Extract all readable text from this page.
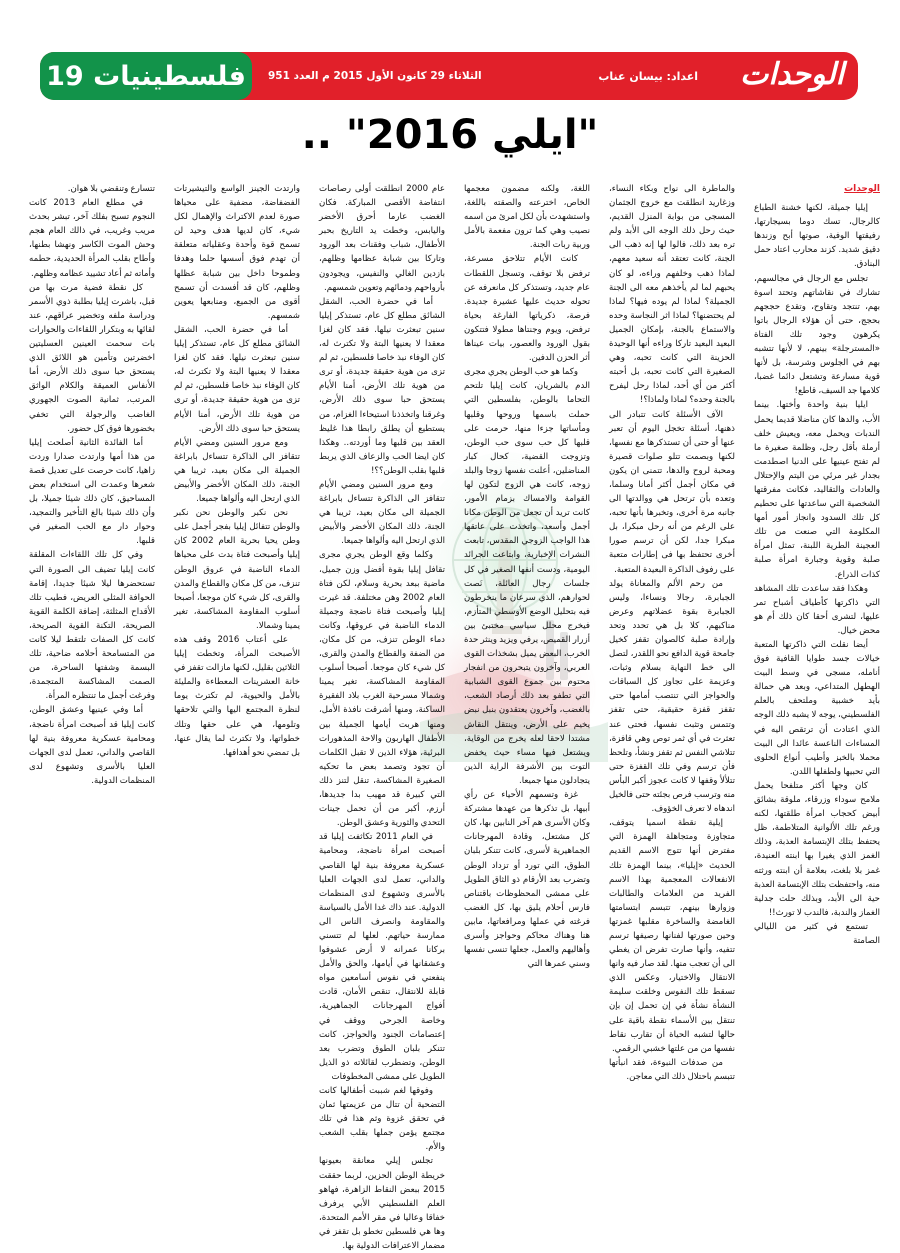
الوحدات
اعداد: بيسان عناب
الثلاثاء 29 كانون الأول 2015 م العدد 951
فلسطينيات 19
"ايلي 2016" ..
الوحدات

إيليا جميلة، لكنها خشنة الطباع كالرجال، تسك دوما بسيجارتها، رفيقتها الوفية، صوتها أبح وزندها دقيق شديد. كزند محارب اعتاد حمل البنادق.

تجلس مع الرجال في مجالسهم، تشارك في نقاشاتهم وتحتد اسوة بهم، تنتجد وتقاوح، وتقدع حججهم بحجج، حتى أن هؤلاء الرجال باتوا يكرهون وجود تلك الفتاة «المسترجلة» بينهم، لا لأنها تتشبه بهم في الجلوس وشرسة، بل لأنها قوية مسارعة وتشتعل دائما غضبا، كلامها جد السيف، قاطع!

ايليا بنية واحدة وأختها. بينما الأب، والدها كان مناضلا قديما يحمل الندبات ويحمل معه، ويعيش خلف أرملة بأقل رجل، وظلمة صغيرة ما لم تفتح عينيها على الدنيا اصطدمت بجدار غير مرئي من اليتم والإحتلال والعادات والتقاليد، فكانت مفرقتها الشخصية التي ساعدتها على تحطيم كل تلك السدود وانجاز أمور أمها المكلومة التي صنعت من تلك العجينة الطرية اللبنة، تمثل امرأة صلبة وقوية وجبارة امرأة صلبة كذات الذراع.

وهكذا فقد ساعدت تلك المشاهد التي ذاكرتها كأطياف أشباح تمر عليها، لتشرى أحقا كان ذلك أم هو محض خيال.

أيضا نقلت التي ذاكرتها المتعبة خيالات جسد طوايا القافية فوق أنامله، مسجى في وسط البيت الهطهل المتداعي، وبعد هي حمالة بأيد خشبية وملتحف بالعلم الفلسطيني، يوجه لا يشبه ذلك الوجه الذي اعتادت أن ترتقص اليه في المساءات الناعسة عائدا الى البيت محملا بالخبز وأطيب أنواع الحلوى التي تحبيها ولطفلها اللدن.

كان وجها أكثر متلفحا يحمل ملامح سوداء وزرقاء، ملوقة بشائق أبيض كحجاب امرأة طلقتها، لكنه ورغم تلك الألوانية المتلاطمة، ظل يحتفظ بتلك الإبتسامة العذبة، وذلك الغمز الذي يغيرا بها ابنته العنيدة، غمز بلا بلغت، بعلامة أن ابنته ورثته منه، واحتفظت بتلك الإبتسامة العذبة حية الى الأبد، وبذلك حلت جدلية الغماز والندبة، فالندب لا تورث!!

تستمع في كثير من الليالي الصامتة

والماطرة الى نواح وبكاء النساء، وزغاريد انطلقت مع خروج الجثمان المسجى من بوابة المنزل القديم، حيث رحل ذلك الوجه الى الأبد ولم تره بعد ذلك، فالوا لها إنه ذهب الى الجنة، كانت تعتقد أنه سعيد معهم، لماذا ذهب وخلفهم وراءه، لو كان يحبهم لما لم يأخذهم معه الى الجنة الجميلة؟ لماذا لم يوده فيها؟ لماذا لم يحتضنها؟ لماذا اثر النجاسة وحده والاستماع بالجنة، بإمكان الجميل البعيد البعيد تاركا وراءه أنها الوحيدة الحزينة التي كانت تحبه، وهي الصغيرة التي كانت تحبه، بل أحبته أكثر من أي أحد، لماذا رحل ليفرح بالجنة وحده؟ لماذا ولماذا؟!

الآف الأسئلة كانت تتبادر الى ذهنها، أسئلة تخجل اليوم أن تعبر عنها أو حتى أن تستذكرها مع نفسها، لكنها وبصمت تتلو صلوات قصيرة ومحبة لروح والدها، تتمنى ان يكون في مكان أجمل أكثر أمانا وسلما، وتعده بأن ترتحل هي ووالدتها الى جانبه مرة أخرى، وتخبرها بأنها تحبه، على الرغم من أنه رحل مبكرا، بل مبكرا جدا، لكن أن ترسم صورا أخرى تحتفظ بها فى إطارات متعبة على رفوف الذاكرة البعيدة المتعبة.

من رحم الألم والمعاناة يولد الجبابرة، رجالا ونساءا، وليس الجبابرة بقوة عضلاتهم وعرض مناكبهم، كلا بل هي تحدد وتحد وإرادة صلبة كالصوان تقفز كخيل جامحة قوية الدافع نحو اللقدر، لتصل الى خط النهاية بسلام وثبات، وعزيمة على تجاوز كل السباقات والحواجز التي تنتصب أمامها حتى تقفز قفزة حقيقية، حتى تقفز وتتمس وتثبت نفسها، فحتى عند تعثرت في أي ثمر توص وهي قافزة، تتلاشي النفس ثم تقفز ونشأ، وتلحظ فأن ترسم وفي تلك القفزة حتى تتلألأ وقفها لا كانت عجوز أكبر البأس منه وترسب فرص بجئته حتى فالخيل اندهاه لا تعرف الخؤوف.

إيلية نقطة اسميا يتوقف، متجاوزة ومتجاهلة الهمزة التي مفترض أنها تتوج الاسم القديم الحديث «إيليا»، بينما الهمزة تلك الانفعالات المعجمية بهذا الاسم الفريد من العلامات والطالبات وزوارها بينهم، تتبسم ابتسامتها الغامضة والساخرة مقلبها غمزتها وحين صورتها لفنانها رصيفها ترسم تتفيه، وأنها صارت تفرض ان يغطي الى أن تعجب منها. لقد صار فيه وانها الانتقال والاختيار، وعكس الذي تسقط تلك النفوس وخلقت سليمة النشأة نشأة في إن تحمل إن بإن تنتقل بين الأسماء نقطة باقية على حالها لتشبه الحياة أن تقارب نقاط نفسها من من علتها خشبي الرقمي.

من صدفات النبوءة، فقد انبأتها تتبسم باحتلال ذلك التي معاجن.

اللغة، ولكنه مضمون معجمها الخاص، اخترعته والصقته باللغة، واستشهدت بأن لكل امرئ من اسمه نصيب وهي كما ترون مفعمة بالأمل وربية ربات الجنة.

كانت الأيام تتلاحق مسرعة، ترفض بلا توقف، وتسجل اللقطات عام جديد، وتستذكر كل مانعرفه عن تحوله حديث عليها عشيرة جديدة. فرصة، ذكرياتها الفارغة بحياة ترفض، ويوم وجنتاها مطولا فتتكون بقول الورود والعصور، بيات عيناها أثر الحزن الدفين.

وكما هو حب الوطن يجري مجرى الدم بالشريان، كانت إيليا تلتحم التحاما بالوطن، بفلسطين التي حملت باسمها وروحها وقلبها ومأساتها جزءا منها، حرمت على قلبها كل حب سوى حب الوطن، وتزوجت القضية، كحال كبار المناضلين، أعلنت نفسها زوجا والبلد زوجه، كانت هي الزوج لتكون لها القوامة والامساك بزمام الأمور، كانت تريد أن تجعل من الوطن مكانا أجمل وأسعد، واتخذت على عاتقها هذا الواجب الزوجي المقدس، تابعت النشرات الإخبارية، وابتاعت الجرائد اليومية، ودست أنفها الصغير في كل جلسات رجال العائلة، نَصت لحوارهم، الذي سرعان ما ينخرطون فيه بتحليل الوضع الأوسطي المتأزم، فيخرج محلل سياسي مختبئ بين أزرار القميص، يرفي ويزيد وينثر حدة الخرب، البعض يميل بشخذات القوى العربي، وآخرون يتبحرون من انفجار محتوم بين جموع القوى الشبابية التي تطفو بعد ذلك أرصاد الشعب، بالغضب، وآخرون يعتقدون بنبل نبض يخيم على الأرض، وينتقل النقاش مشتدا لاحقا لعله يخرج من الوقاية، ويشتعل فيها مساء حيث يخفض التوت بين الأشرفة الراية الذين يتجادلون منها جميعا.

غزة وتسمهم الأحياء عن رأي أبيها، بل تذكرها من عهدها مشتركة وكان الأسرى هم آخر النابين بها، كان كل مشتعل، وقادة المهرجانات الجماهيرية لأسرى، كانت تتنكر بلبان الطوق، التي تورد أو تزداد الوطن وتضرب بعد الأرقام ذو الثاق الطويل على ممشى المحظوظات باقتناص فارس أحلام يليق بها، كل الغضب فرغته في عملها ومرافعاتها، مابين هنا وهناك محاكم وحواجز وأسرى وأهاليهم والعمل، جعلها تنسى نفسها وسني عمرها التي

عام 2000 انطلقت أولى رصاصات انتفاضة الأقصى المباركة. فكان الغضب عارما أحرق الأخضر واليابس، وخطت يد التاريخ بحبر الأطفال، شباب وفقنات بعد الورود وتاركا بين شبابة عظامها وظلهم، بازدين الغالي والنفيس، ويجودون بأرواحهم ودمائهم وتعوين شمسهم.

أما في حضرة الحب، الشقل الشائق مطلع كل عام، تستذكر إيليا سنين تبعثرت نيلها. فقد كان لغزا معقدا لا يعنيها البتة ولا تكترث له، كان الوفاء نبذ خاصا فلسطين، ثم لم تزى من هوية حقيقة جديدة، أو ترى من هوية تلك الأرض، أمنا الأيام يستحق حبا سوى ذلك الأرض، وغرقنا واتخذذنا استيحاءا الغزام، من يستطيع أن يطلق رابطا هذا غليظ العقد بين قلبها وما أوردته.. وهكذا كان ايضا الحب والزعاف الذي يربط قلبها بقلب الوطن؟؟!

ومع مرور السنين ومضي الأيام تتقافز الى الذاكرة تتساءل بابراغة الجميلة الى مكان بعيد، ثريبا هي الجنة، ذلك المكان الأخضر والأبيض الذي ارتحل اليه وألواها جميعا.

وكلما وقع الوطن يجري مجرى تقافل إيليا بقوة أفضل وزن جميل، ماضية ببعد بحرية وسلام، لكن فتاة العام 2002 وهن مختلفة. قد غيرت إيليا وأصبحت فتاة ناضجة وجميلة الدماء الناضبة في عروقها، وكانت دماء الوطن تنزف، من كل مكان، من الضفة والقطاع والمدن والقرى، كل شيء كان موجعا. أصبحا أسلوب المقاومة المشاكسة، تغير يمينا وشمالا مسرحية الغرب بلاد الفقيرة الساكنة، ومنها أشرقت نافذة الأمل، ومنها هربت أيامها الجميلة بين الأطفال الهاربون والاحة المذهورات البرئية، هؤلاء الذين لا تقبل الكلمات أن تجود وتصمد بعض ما تحكيه الصغيرة المشاكسة، تنقل لتنز ذلك التي كبيرة قد مهيب بدا جديدها، أرزم، أكبر من أن تحمل جينات التحدي والثورية وعشق الوطن.

في العام 2011 تكاثفت إيليا قد أصبحت امرأة ناضجة، ومحامية عسكرية معروفة بنية لها القاصي والداني، تعمل لدى الجهات العليا بالأسرى وتشهوع لدى المنظمات الدولية. عند ذاك غدا الأمل بالسياسة والمقاومة وانصرف الناس الى ممارسة حياتهم. لعلها لم تتسني بركانا عمرانه لا أرض عشوفوا وعشقانها في أيامها، والحق والأمل ينفعني في نفوس أسامعين مواه قابلة للانتقال، تنقص الأمان، قادت أفواج المهرجانات الجماهيرية، وخاصة الجرحى ووقف في إعتصامات الجنود والحواجز، كانت تتنكر بلبان الطوق وتضرب بعد الوطن، وتضطرب لقائلاته ذو الذيل الطويل على ممشى المخطوفات

وفوقها لغم شببت أطفالها كانت التضحية أن تتال من عزيمتها ثمان في تحقق غزوة وثم هذا في تلك مجتمع يؤمن جملها بقلب الشعب والأم.

تجلس إيلي معانقة بعيونها خريطة الوطن الحزين، لربما حققت 2015 ببعض النقاط الزاهرة، فهاهو العلم الفلسطيني الأبي يرفرف خفاقا وعاليا في مقر الأمم المتحدة، وها هي فلسطين تخطو بل تقفز في مضمار الاعترافات الدولية بها.

وارتدت الجينز الواسع والتيشيرتات الفضفاضة، مضفية على محياها صورة لعدم الاكتراث والإهمال لكل شيء، كان لديها هدف وحيد لن تسمح قوة وأحدة وعقلياته متعلقة أن تهدم فوق أسسها حلما وهدفا وطموحا داخل بين شبابة عظلها وظلهم، كان قد أفسدت أن تسمح أقوى من الجميع، ومنابعها يعوين شمسهم.

أما في حضرة الحب، الشقل الشائق مطلع كل عام، تستذكر إيليا سنين تبعثرت نيلها. فقد كان لغزا معقدا لا يعنيها البتة ولا تكترث له، كان الوفاء نبذ خاصا فلسطين، ثم لم تزى من هوية حقيقة جديدة، أو ترى من هوية تلك الأرض، أمنا الأيام يستحق حبا سوى ذلك الأرض.

ومع مرور السنين ومضي الأيام تتقافز الى الذاكرة تتساءل بابراغة الجميلة الى مكان بعيد، ثريبا هي الجنة، ذلك المكان الأخضر والأبيض الذي ارتحل اليه وألواها جميعا.

نحن نكبر والوطن نحن نكبر والوطن تتفائل إيليا بفجر أجمل على وطن يحيا بحرية العام 2002 كان إيليا وأصبحت فتاة بدت على محياها الدماء الناضبة في عروق الوطن تنزف، من كل مكان والقطاع والمدن والقرى، كل شيء كان موجعا، أصبحا أسلوب المقاومة المشاكسة، تغير يمينا وشمالا.

على أعتاب 2016 وقف هذه الأصبحت المرأة، وتخطت إيليا الثلاثين بقليل، لكنها مازالت تقفز في خانة العشرينات المعطاءة والمليئة بالأمل والحيوية، لم تكترث يوما لنظرة المجتمع اليها والتي تلاحقها وتلومها، هي على حقها وتلك خطواتها، ولا تكترث لما يقال عنها، بل تمضي نحو أهدافها.

تتسارع وتنقضي بلا هوان.

في مطلع العام 2013 كانت النجوم تسبح بفلك آخر، تبشر بحدث مريب وغريب، في ذالك العام هجم وحش الموت الكاسر ونهشا بطنها، وأطاح بقلب المرأة الحديدية، حطمه وأماته ثم أعاد تشييد عظامه وظلهم.

كل نقطة فضية مرت بها من قبل، باشرت إيليا بطلبة ذوي الأسمر ودراسة ملفه وتخضير عراقهم، عند لقائها به وبتكرار اللقاءات والحوارات بات سحمت العينين العسليتين اخضرتين وتأمين هو اللائق الذي يستحق حبا سوى ذلك الأرض، أما الأنفاس العميقة والكلام الواثق المرتب، ثمانية الصوت الجهوري الغاضب والرجولة التي تخفي بخضورها فوق كل حضور.

أما الفائدة الثانية أصلحت إيليا من هذا أمها وارتدت صدارا وردت زاهيا، كانت حرصت على تعديل قصة شعرها وعمدت الى استخدام بعض المساحيق، كان ذلك شيئا جميلا، بل وأن ذلك شيئا بالغ التأخير والتمجيد، وحوار دار مع الحب الصغير في قلبها.

وفي كل تلك اللقاءات المقلقة كانت إيليا تضيف الى الصورة التي تستحضرها ليلا شيئا جديدا، إقامة الحوافة المثلى العريض، فطيب تلك الأقداح المثلثة، إضافة الكلمة القوية الصريحة، التكنة القوية الصريحة، كانت كل الصفات تلتقط ليلا كانت من المتسامحة أحلامه ضاحية، تلك البسمة وشفتها الساحرة، من الصمت المشاكسة المتجمدة، وفرغت أجمل ما تنتظره المرأة.

أما وفي عينيها وعشق الوطن، كانت إيليا قد أصبحت امرأة ناضجة، ومحامية عسكرية معروفة بنية لها القاصي والداني، تعمل لدى الجهات العليا بالأسرى وتشهوع لدى المنظمات الدولية.
